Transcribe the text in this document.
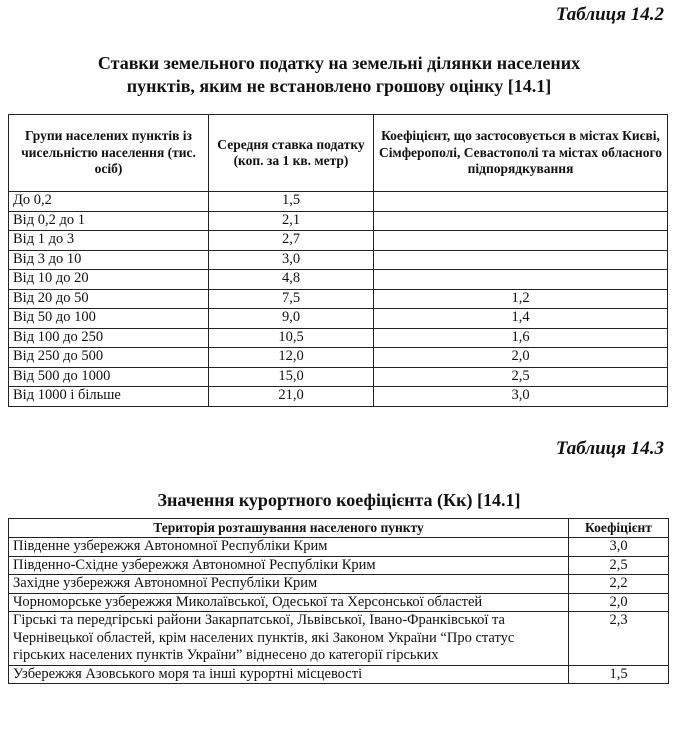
Таблиця 14.2
Ставки земельного податку на земельні ділянки населених
пунктів, яким не встановлено грошову оцінку [14.1]
Групи населених пунктів із чисельністю населення (тис. осіб)	Середня ставка податку (коп. за 1 кв. метр)	Коефіцієнт, що застосовується в містах Києві, Сімферополі, Севастополі та містах обласного підпорядкування
До 0,2	1,5	
Від 0,2 до 1	2,1	
Від 1 до 3	2,7	
Від 3 до 10	3,0	
Від 10 до 20	4,8	
Від 20 до 50	7,5	1,2
Від 50 до 100	9,0	1,4
Від 100 до 250	10,5	1,6
Від 250 до 500	12,0	2,0
Від 500 до 1000	15,0	2,5
Від 1000 і більше	21,0	3,0
Таблиця 14.3
Значення курортного коефіцієнта (Кк) [14.1]
Територія розташування населеного пункту	Коефіцієнт
Південне узбережжя Автономної Республіки Крим	3,0
Південно-Східне узбережжя Автономної Республіки Крим	2,5
Західне узбережжя Автономної Республіки Крим	2,2
Чорноморське узбережжя Миколаївської, Одеської та Херсонської областей	2,0
Гірські та передгірські райони Закарпатської, Львівської, Івано-Франківської та Чернівецької областей, крім населених пунктів, які Законом України “Про статус гірських населених пунктів України” віднесено до категорії гірських	2,3
Узбережжя Азовського моря та інші курортні місцевості	1,5
